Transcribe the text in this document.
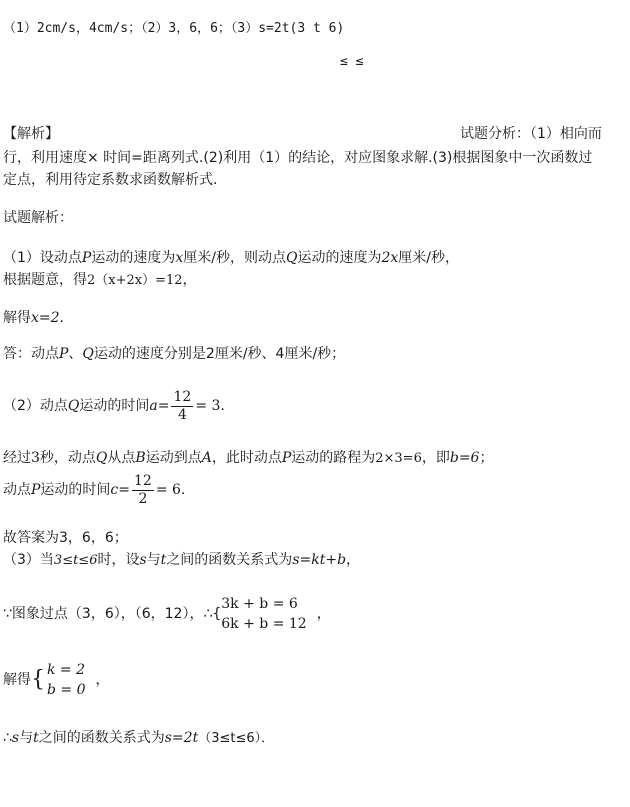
（1）2cm/s，4cm/s；（2）3，6，6；（3）s=2t(3 t 6)
≤ ≤
【解析】	试题分析：（1）相向而
行，利用速度× 时间=距离列式.(2)利用（1）的结论，对应图象求解.(3)根据图象中一次函数过
定点，利用待定系数求函数解析式.
试题解析：
（1）设动点P运动的速度为x厘米/秒，则动点Q运动的速度为2x厘米/秒，
根据题意，得2（x+2x）=12，
解得x=2.
答：动点P、Q运动的速度分别是2厘米/秒、4厘米/秒；
（2）动点Q运动的时间$a= \frac{12}{4} = 3$.
经过3秒，动点Q从点B运动到点A，此时动点P运动的路程为2×3=6，即b=6；
动点P运动的时间$c= \frac{12}{2} = 6$.
故答案为3，6，6；
（3）当3≤t≤6时，设s与t之间的函数关系式为s=kt+b，
∵图象过点（3，6），（6，12），∴{
3k + b = 6
6k + b = 12
，
解得{ k = 2
b = 0
，
∴s与t之间的函数关系式为s=2t（3≤t≤6）．
